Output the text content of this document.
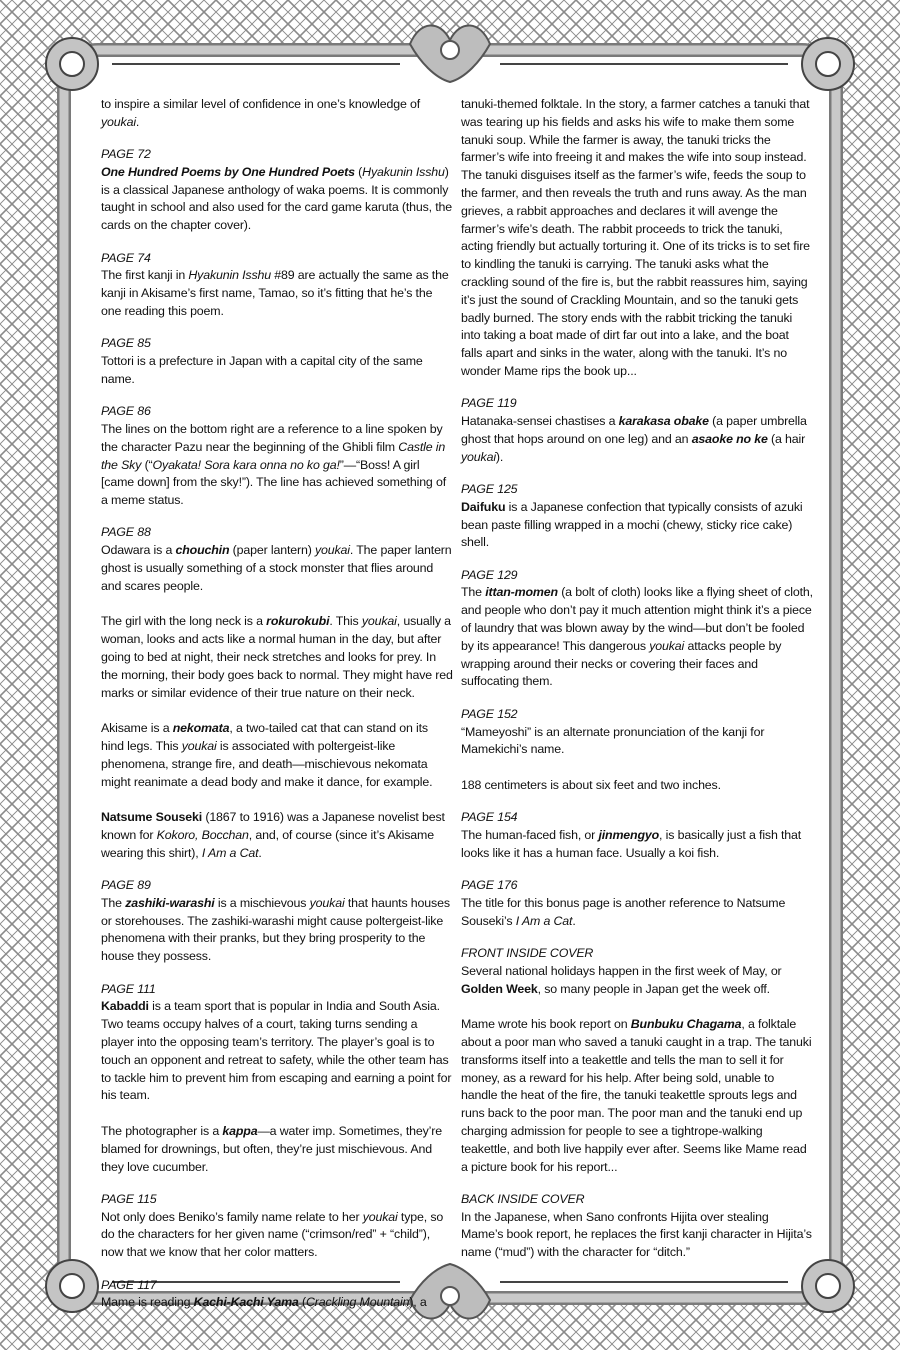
to inspire a similar level of confidence in one’s knowledge of youkai.

PAGE 72

One Hundred Poems by One Hundred Poets (Hyakunin Isshu) is a classical Japanese anthology of waka poems. It is commonly taught in school and also used for the card game karuta (thus, the cards on the chapter cover).

PAGE 74

The first kanji in Hyakunin Isshu #89 are actually the same as the kanji in Akisame’s first name, Tamao, so it’s fitting that he’s the one reading this poem.

PAGE 85

Tottori is a prefecture in Japan with a capital city of the same name.

PAGE 86

The lines on the bottom right are a reference to a line spoken by the character Pazu near the beginning of the Ghibli film Castle in the Sky (“Oyakata! Sora kara onna no ko ga!”—“Boss! A girl [came down] from the sky!”). The line has achieved something of a meme status.

PAGE 88

Odawara is a chouchin (paper lantern) youkai. The paper lantern ghost is usually something of a stock monster that flies around and scares people.

The girl with the long neck is a rokurokubi. This youkai, usually a woman, looks and acts like a normal human in the day, but after going to bed at night, their neck stretches and looks for prey. In the morning, their body goes back to normal. They might have red marks or similar evidence of their true nature on their neck.

Akisame is a nekomata, a two-tailed cat that can stand on its hind legs. This youkai is associated with poltergeist-like phenomena, strange fire, and death—mischievous nekomata might reanimate a dead body and make it dance, for example.

Natsume Souseki (1867 to 1916) was a Japanese novelist best known for Kokoro, Bocchan, and, of course (since it’s Akisame wearing this shirt), I Am a Cat.

PAGE 89

The zashiki-warashi is a mischievous youkai that haunts houses or storehouses. The zashiki-warashi might cause poltergeist-like phenomena with their pranks, but they bring prosperity to the house they possess.

PAGE 111

Kabaddi is a team sport that is popular in India and South Asia. Two teams occupy halves of a court, taking turns sending a player into the opposing team’s territory. The player’s goal is to touch an opponent and retreat to safety, while the other team has to tackle him to prevent him from escaping and earning a point for his team.

The photographer is a kappa—a water imp. Sometimes, they’re blamed for drownings, but often, they’re just mischievous. And they love cucumber.

PAGE 115

Not only does Beniko’s family name relate to her youkai type, so do the characters for her given name (“crimson/red” + “child”), now that we know that her color matters.

PAGE 117

Mame is reading Kachi-Kachi Yama (Crackling Mountain), a

tanuki-themed folktale. In the story, a farmer catches a tanuki that was tearing up his fields and asks his wife to make them some tanuki soup. While the farmer is away, the tanuki tricks the farmer’s wife into freeing it and makes the wife into soup instead. The tanuki disguises itself as the farmer’s wife, feeds the soup to the farmer, and then reveals the truth and runs away. As the man grieves, a rabbit approaches and declares it will avenge the farmer’s wife’s death. The rabbit proceeds to trick the tanuki, acting friendly but actually torturing it. One of its tricks is to set fire to kindling the tanuki is carrying. The tanuki asks what the crackling sound of the fire is, but the rabbit reassures him, saying it’s just the sound of Crackling Mountain, and so the tanuki gets badly burned. The story ends with the rabbit tricking the tanuki into taking a boat made of dirt far out into a lake, and the boat falls apart and sinks in the water, along with the tanuki. It’s no wonder Mame rips the book up...

PAGE 119

Hatanaka-sensei chastises a karakasa obake (a paper umbrella ghost that hops around on one leg) and an asaoke no ke (a hair youkai).

PAGE 125

Daifuku is a Japanese confection that typically consists of azuki bean paste filling wrapped in a mochi (chewy, sticky rice cake) shell.

PAGE 129

The ittan-momen (a bolt of cloth) looks like a flying sheet of cloth, and people who don’t pay it much attention might think it’s a piece of laundry that was blown away by the wind—but don’t be fooled by its appearance! This dangerous youkai attacks people by wrapping around their necks or covering their faces and suffocating them.

PAGE 152

“Mameyoshi” is an alternate pronunciation of the kanji for Mamekichi’s name.

188 centimeters is about six feet and two inches.

PAGE 154

The human-faced fish, or jinmengyo, is basically just a fish that looks like it has a human face. Usually a koi fish.

PAGE 176

The title for this bonus page is another reference to Natsume Souseki’s I Am a Cat.

FRONT INSIDE COVER

Several national holidays happen in the first week of May, or Golden Week, so many people in Japan get the week off.

Mame wrote his book report on Bunbuku Chagama, a folktale about a poor man who saved a tanuki caught in a trap. The tanuki transforms itself into a teakettle and tells the man to sell it for money, as a reward for his help. After being sold, unable to handle the heat of the fire, the tanuki teakettle sprouts legs and runs back to the poor man. The poor man and the tanuki end up charging admission for people to see a tightrope-walking teakettle, and both live happily ever after. Seems like Mame read a picture book for his report...

BACK INSIDE COVER

In the Japanese, when Sano confronts Hijita over stealing Mame’s book report, he replaces the first kanji character in Hijita’s name (“mud”) with the character for “ditch.”
